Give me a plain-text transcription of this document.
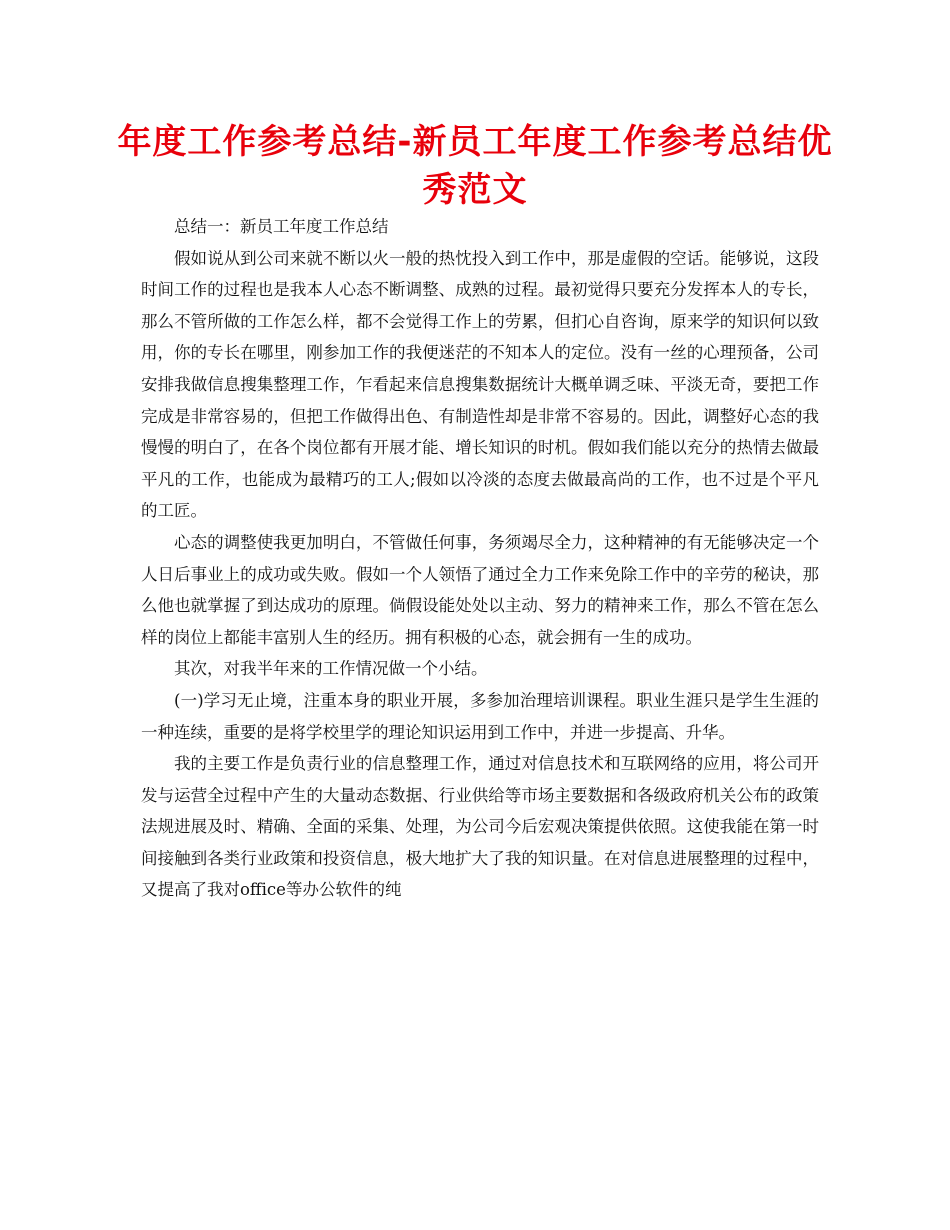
年度工作参考总结-新员工年度工作参考总结优秀范文

总结一：新员工年度工作总结

假如说从到公司来就不断以火一般的热忱投入到工作中，那是虚假的空话。能够说，这段时间工作的过程也是我本人心态不断调整、成熟的过程。最初觉得只要充分发挥本人的专长，那么不管所做的工作怎么样，都不会觉得工作上的劳累，但扪心自咨询，原来学的知识何以致用，你的专长在哪里，刚参加工作的我便迷茫的不知本人的定位。没有一丝的心理预备，公司安排我做信息搜集整理工作，乍看起来信息搜集数据统计大概单调乏味、平淡无奇，要把工作完成是非常容易的，但把工作做得出色、有制造性却是非常不容易的。因此，调整好心态的我慢慢的明白了，在各个岗位都有开展才能、增长知识的时机。假如我们能以充分的热情去做最平凡的工作，也能成为最精巧的工人;假如以冷淡的态度去做最高尚的工作，也不过是个平凡的工匠。

心态的调整使我更加明白，不管做任何事，务须竭尽全力，这种精神的有无能够决定一个人日后事业上的成功或失败。假如一个人领悟了通过全力工作来免除工作中的辛劳的秘诀，那么他也就掌握了到达成功的原理。倘假设能处处以主动、努力的精神来工作，那么不管在怎么样的岗位上都能丰富别人生的经历。拥有积极的心态，就会拥有一生的成功。

其次，对我半年来的工作情况做一个小结。

(一)学习无止境，注重本身的职业开展，多参加治理培训课程。职业生涯只是学生生涯的一种连续，重要的是将学校里学的理论知识运用到工作中，并进一步提高、升华。

我的主要工作是负责行业的信息整理工作，通过对信息技术和互联网络的应用，将公司开发与运营全过程中产生的大量动态数据、行业供给等市场主要数据和各级政府机关公布的政策法规进展及时、精确、全面的采集、处理，为公司今后宏观决策提供依照。这使我能在第一时间接触到各类行业政策和投资信息，极大地扩大了我的知识量。在对信息进展整理的过程中，又提高了我对office等办公软件的纯
